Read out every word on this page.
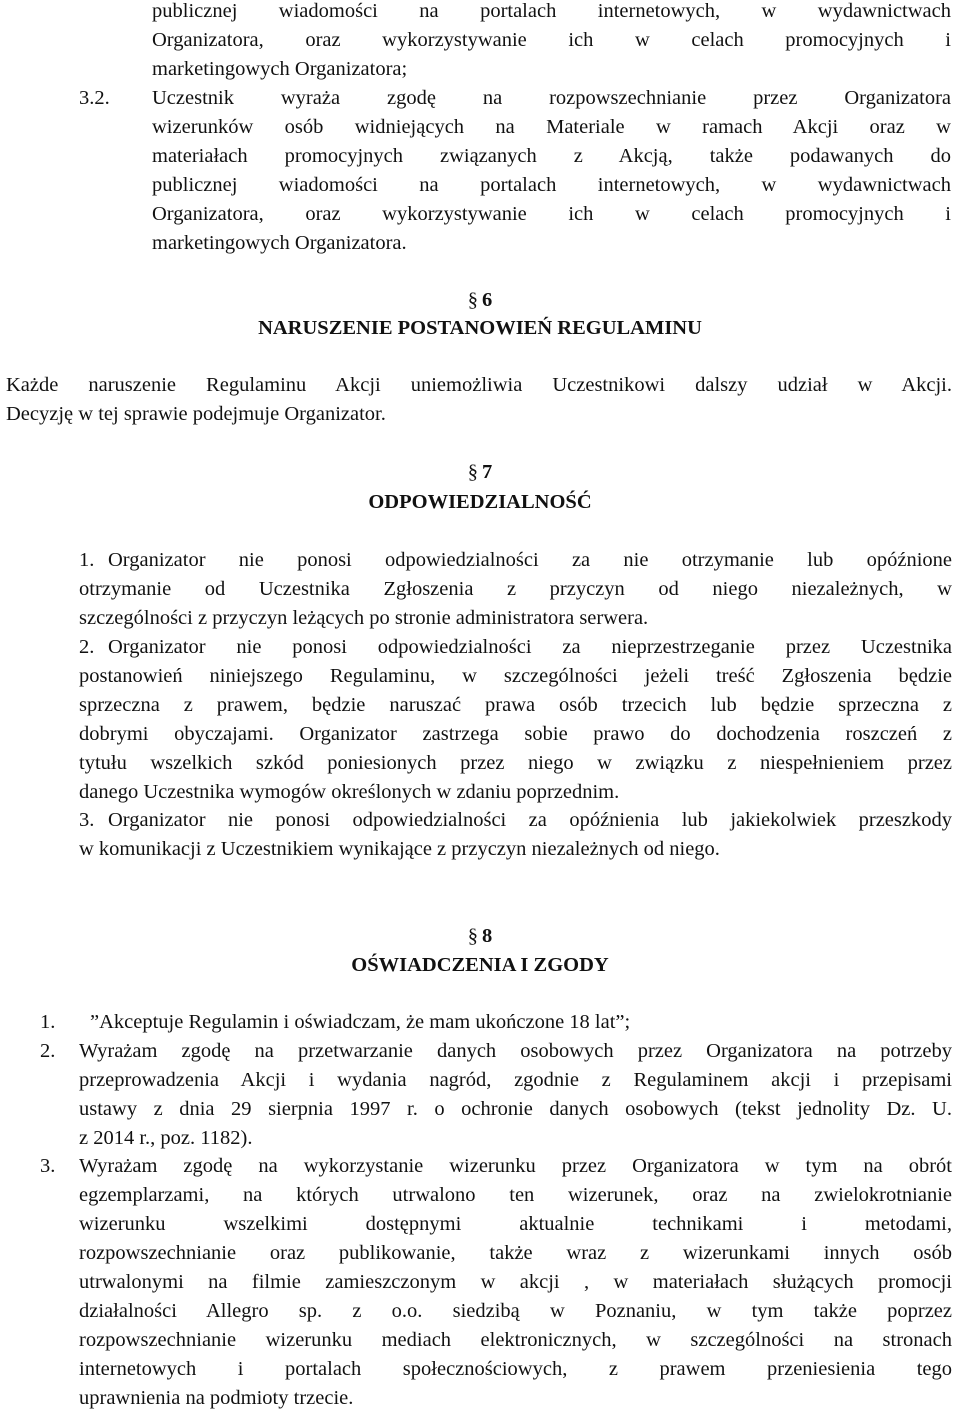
publicznej wiadomości na portalach internetowych, w wydawnictwach
Organizatora, oraz wykorzystywanie ich w celach promocyjnych i
marketingowych Organizatora;
3.2. Uczestnik wyraża zgodę na rozpowszechnianie przez Organizatora
wizerunków osób widniejących na Materiale w ramach Akcji oraz w
materiałach promocyjnych związanych z Akcją, także podawanych do
publicznej wiadomości na portalach internetowych, w wydawnictwach
Organizatora, oraz wykorzystywanie ich w celach promocyjnych i
marketingowych Organizatora.
§ 6
NARUSZENIE POSTANOWIEŃ REGULAMINU
Każde naruszenie Regulaminu Akcji uniemożliwia Uczestnikowi dalszy udział w Akcji.
Decyzję w tej sprawie podejmuje Organizator.
§ 7
ODPOWIEDZIALNOŚĆ
1. Organizator nie ponosi odpowiedzialności za nie otrzymanie lub opóźnione
otrzymanie od Uczestnika Zgłoszenia z przyczyn od niego niezależnych, w
szczególności z przyczyn leżących po stronie administratora serwera.
2. Organizator nie ponosi odpowiedzialności za nieprzestrzeganie przez Uczestnika
postanowień niniejszego Regulaminu, w szczególności jeżeli treść Zgłoszenia będzie
sprzeczna z prawem, będzie naruszać prawa osób trzecich lub będzie sprzeczna z
dobrymi obyczajami. Organizator zastrzega sobie prawo do dochodzenia roszczeń z
tytułu wszelkich szkód poniesionych przez niego w związku z niespełnieniem przez
danego Uczestnika wymogów określonych w zdaniu poprzednim.
3. Organizator nie ponosi odpowiedzialności za opóźnienia lub jakiekolwiek przeszkody
w komunikacji z Uczestnikiem wynikające z przyczyn niezależnych od niego.
§ 8
OŚWIADCZENIA I ZGODY
1.	”Akceptuje Regulamin i oświadczam, że mam ukończone 18 lat”;
2. Wyrażam zgodę na przetwarzanie danych osobowych przez Organizatora na potrzeby
przeprowadzenia Akcji i wydania nagród, zgodnie z Regulaminem akcji i przepisami
ustawy z dnia 29 sierpnia 1997 r. o ochronie danych osobowych (tekst jednolity Dz. U.
z 2014 r., poz. 1182).
3. Wyrażam zgodę na wykorzystanie wizerunku przez Organizatora w tym na obrót
egzemplarzami, na których utrwalono ten wizerunek, oraz na zwielokrotnianie
wizerunku wszelkimi dostępnymi aktualnie technikami i metodami,
rozpowszechnianie oraz publikowanie, także wraz z wizerunkami innych osób
utrwalonymi na filmie zamieszczonym w akcji , w materiałach służących promocji
działalności Allegro sp. z o.o. siedzibą w Poznaniu, w tym także poprzez
rozpowszechnianie wizerunku mediach elektronicznych, w szczególności na stronach
internetowych i portalach społecznościowych, z prawem przeniesienia tego
uprawnienia na podmioty trzecie.
